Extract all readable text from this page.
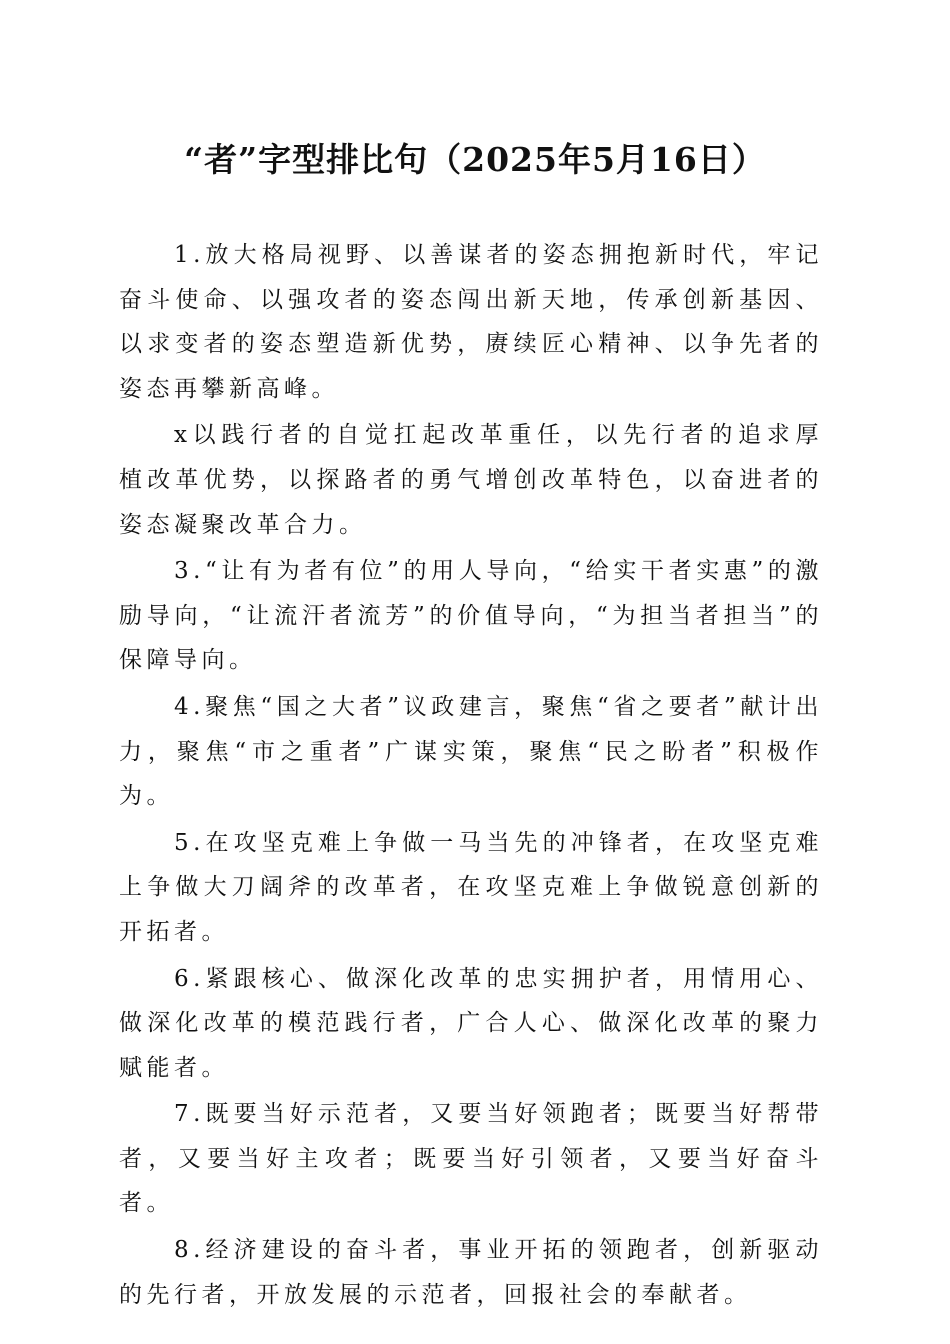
“者”字型排比句（2025年5月16日）

1.放大格局视野、以善谋者的姿态拥抱新时代，牢记奋斗使命、以强攻者的姿态闯出新天地，传承创新基因、以求变者的姿态塑造新优势，赓续匠心精神、以争先者的姿态再攀新高峰。

x以践行者的自觉扛起改革重任，以先行者的追求厚植改革优势，以探路者的勇气增创改革特色，以奋进者的姿态凝聚改革合力。

3.“让有为者有位”的用人导向，“给实干者实惠”的激励导向，“让流汗者流芳”的价值导向，“为担当者担当”的保障导向。

4.聚焦“国之大者”议政建言，聚焦“省之要者”献计出力，聚焦“市之重者”广谋实策，聚焦“民之盼者”积极作为。

5.在攻坚克难上争做一马当先的冲锋者，在攻坚克难上争做大刀阔斧的改革者，在攻坚克难上争做锐意创新的开拓者。

6.紧跟核心、做深化改革的忠实拥护者，用情用心、做深化改革的模范践行者，广合人心、做深化改革的聚力赋能者。

7.既要当好示范者，又要当好领跑者；既要当好帮带者，又要当好主攻者；既要当好引领者，又要当好奋斗者。

8.经济建设的奋斗者，事业开拓的领跑者，创新驱动的先行者，开放发展的示范者，回报社会的奉献者。
